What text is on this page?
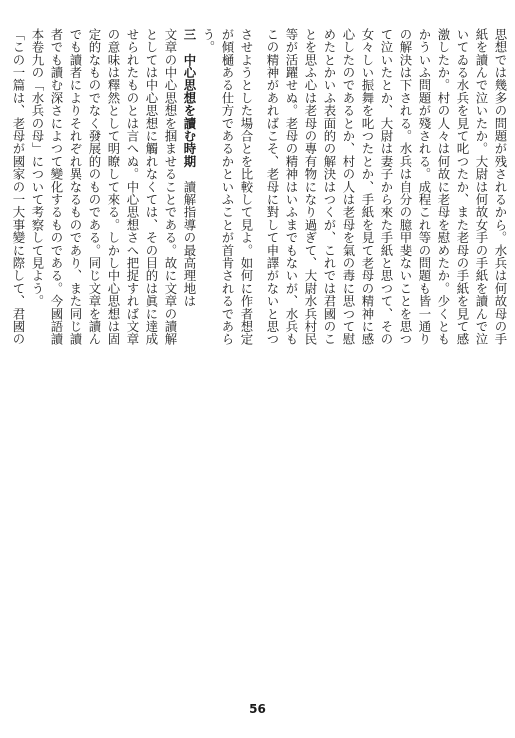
思想では幾多の問題が残されるから。水兵は何故母の手
紙を讀んで泣いたか。大尉は何故女手の手紙を讀んで泣
いてゐる水兵を見て叱つたか、また老母の手紙を見て感
激したか。村の人々は何故に老母を慰めたか。少くとも
かういふ問題が殘される。成程これ等の問題も皆一通り
の解決は下される。水兵は自分の臆甲斐ないことを思つ
て泣いたとか、大尉は妻子から來た手紙と思つて、その
女々しい振舞を叱つたとか、手紙を見て老母の精神に感
心したのであるとか、村の人は老母を氣の毒に思つて慰
めたとかいふ表面的の解決はつくが、これでは君國のこ
とを思ふ心は老母の專有物になり過ぎて、大尉水兵村民
等が活躍せぬ。老母の精神はいふまでもないが、水兵も
この精神があればこそ、老母に對して申譯がないと思つ
させようとした場合とを比較して見よ。如何に作者想定
が傾樋ある仕方であるかといふことが首肯されるであら
う。
三　中心思想を讀む時期　讀解指導の最高理地は
文章の中心思想を掴ませることである。故に文章の讀解
としては中心思想に觸れなくては、その目的は眞に達成
せられたものとは言へぬ。中心思想さへ把捉すれば文章
の意味は釋然として明瞭して來る。しかし中心思想は固
定的なものでなく發展的のものである。同じ文章を讀ん
でも讀者によりそれぞれ異なるものであり、また同じ讀
者でも讀む深さによつて變化するものである。今國語讀
本卷九の「水兵の母」について考察して見よう。
「この一篇は、老母が國家の一大事變に際して、君國の
56
